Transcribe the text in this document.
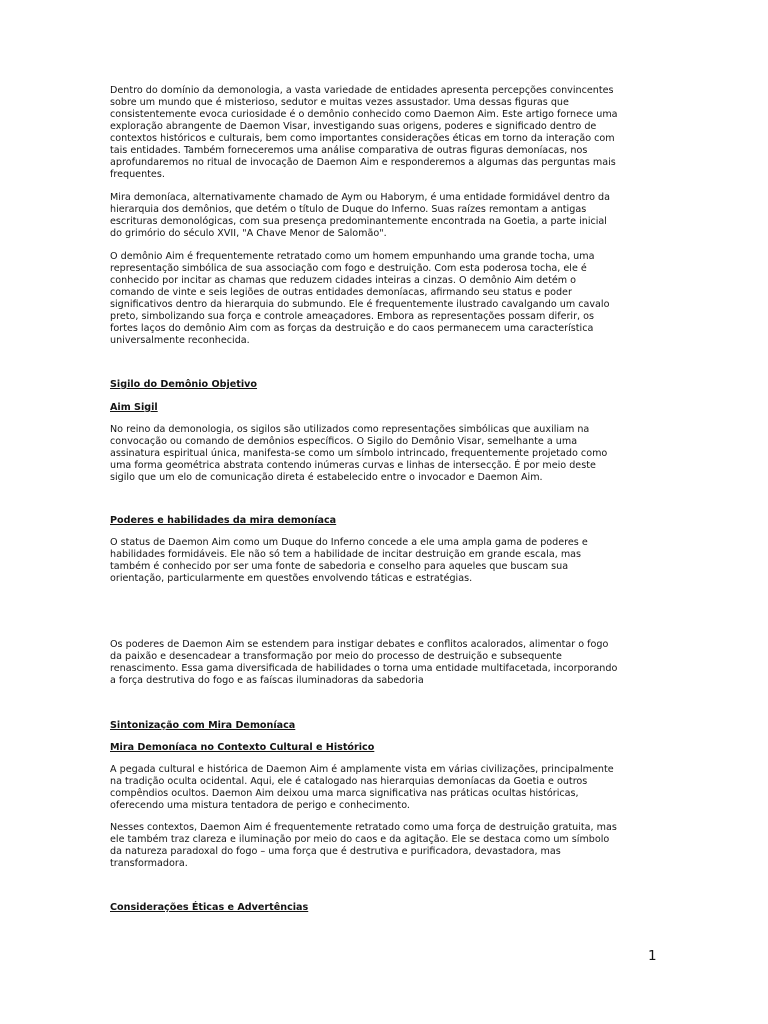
Dentro do domínio da demonologia, a vasta variedade de entidades apresenta percepções convincentes
sobre um mundo que é misterioso, sedutor e muitas vezes assustador. Uma dessas figuras que
consistentemente evoca curiosidade é o demônio conhecido como Daemon Aim. Este artigo fornece uma
exploração abrangente de Daemon Visar, investigando suas origens, poderes e significado dentro de
contextos históricos e culturais, bem como importantes considerações éticas em torno da interação com
tais entidades. Também forneceremos uma análise comparativa de outras figuras demoníacas, nos
aprofundaremos no ritual de invocação de Daemon Aim e responderemos a algumas das perguntas mais
frequentes.

Mira demoníaca, alternativamente chamado de Aym ou Haborym, é uma entidade formidável dentro da
hierarquia dos demônios, que detém o título de Duque do Inferno. Suas raízes remontam a antigas
escrituras demonológicas, com sua presença predominantemente encontrada na Goetia, a parte inicial
do grimório do século XVII, "A Chave Menor de Salomão".

O demônio Aim é frequentemente retratado como um homem empunhando uma grande tocha, uma
representação simbólica de sua associação com fogo e destruição. Com esta poderosa tocha, ele é
conhecido por incitar as chamas que reduzem cidades inteiras a cinzas. O demônio Aim detém o
comando de vinte e seis legiões de outras entidades demoníacas, afirmando seu status e poder
significativos dentro da hierarquia do submundo. Ele é frequentemente ilustrado cavalgando um cavalo
preto, simbolizando sua força e controle ameaçadores. Embora as representações possam diferir, os
fortes laços do demônio Aim com as forças da destruição e do caos permanecem uma característica
universalmente reconhecida.

Sigilo do Demônio Objetivo

Aim Sigil

No reino da demonologia, os sigilos são utilizados como representações simbólicas que auxiliam na
convocação ou comando de demônios específicos. O Sigilo do Demônio Visar, semelhante a uma
assinatura espiritual única, manifesta-se como um símbolo intrincado, frequentemente projetado como
uma forma geométrica abstrata contendo inúmeras curvas e linhas de intersecção. É por meio deste
sigilo que um elo de comunicação direta é estabelecido entre o invocador e Daemon Aim.

Poderes e habilidades da mira demoníaca

O status de Daemon Aim como um Duque do Inferno concede a ele uma ampla gama de poderes e
habilidades formidáveis. Ele não só tem a habilidade de incitar destruição em grande escala, mas
também é conhecido por ser uma fonte de sabedoria e conselho para aqueles que buscam sua
orientação, particularmente em questões envolvendo táticas e estratégias.

Os poderes de Daemon Aim se estendem para instigar debates e conflitos acalorados, alimentar o fogo
da paixão e desencadear a transformação por meio do processo de destruição e subsequente
renascimento. Essa gama diversificada de habilidades o torna uma entidade multifacetada, incorporando
a força destrutiva do fogo e as faíscas iluminadoras da sabedoria

Sintonização com Mira Demoníaca

Mira Demoníaca no Contexto Cultural e Histórico

A pegada cultural e histórica de Daemon Aim é amplamente vista em várias civilizações, principalmente
na tradição oculta ocidental. Aqui, ele é catalogado nas hierarquias demoníacas da Goetia e outros
compêndios ocultos. Daemon Aim deixou uma marca significativa nas práticas ocultas históricas,
oferecendo uma mistura tentadora de perigo e conhecimento.

Nesses contextos, Daemon Aim é frequentemente retratado como uma força de destruição gratuita, mas
ele também traz clareza e iluminação por meio do caos e da agitação. Ele se destaca como um símbolo
da natureza paradoxal do fogo – uma força que é destrutiva e purificadora, devastadora, mas
transformadora.

Considerações Éticas e Advertências

1
